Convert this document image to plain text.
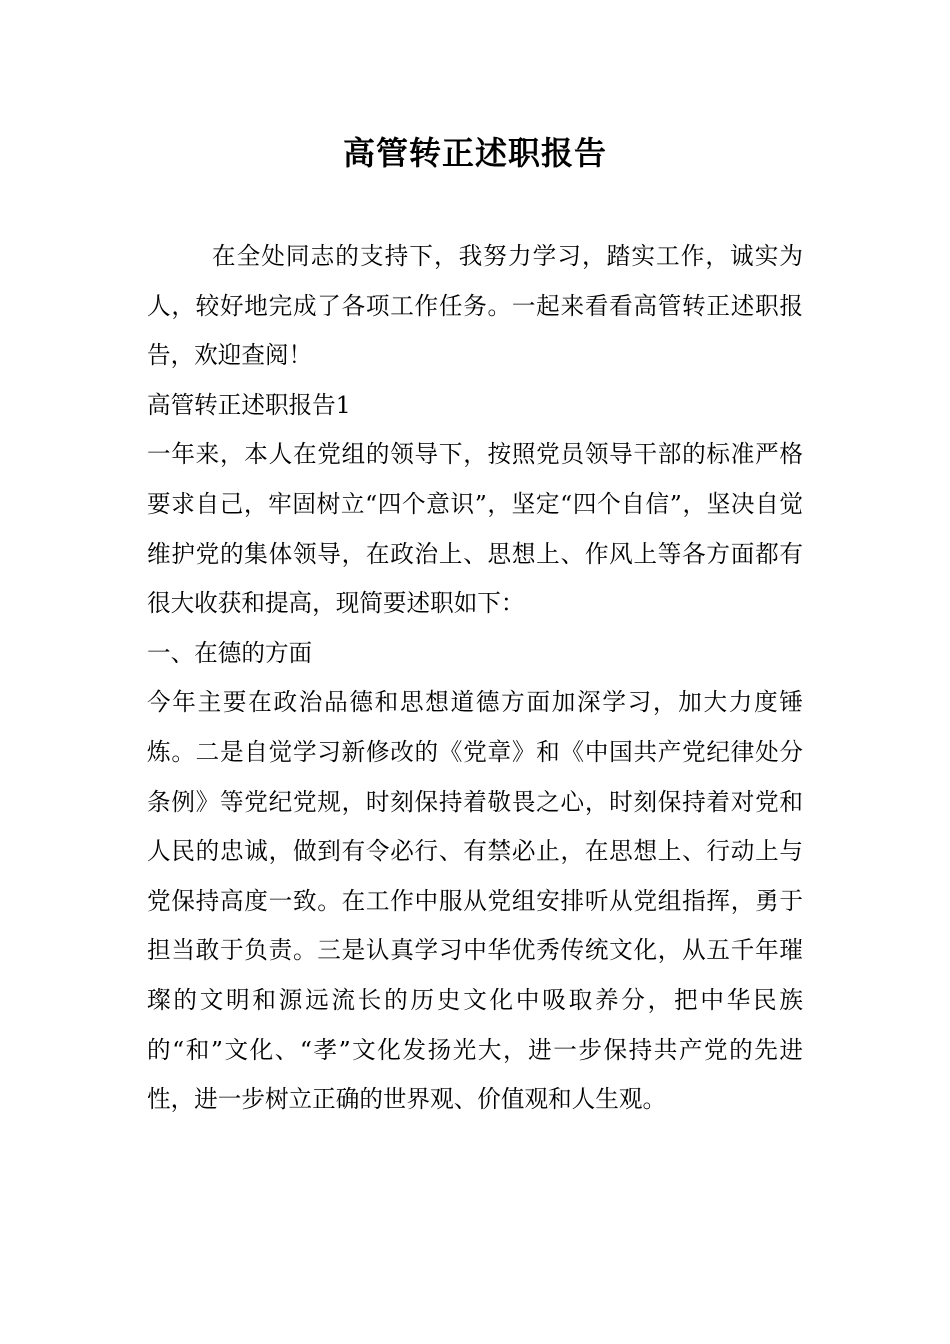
高管转正述职报告

在全处同志的支持下，我努力学习，踏实工作，诚实为人，较好地完成了各项工作任务。一起来看看高管转正述职报告，欢迎查阅！

高管转正述职报告1

一年来，本人在党组的领导下，按照党员领导干部的标准严格要求自己，牢固树立“四个意识”，坚定“四个自信”，坚决自觉维护党的集体领导，在政治上、思想上、作风上等各方面都有很大收获和提高，现简要述职如下：

一、在德的方面

今年主要在政治品德和思想道德方面加深学习，加大力度锤炼。二是自觉学习新修改的《党章》和《中国共产党纪律处分条例》等党纪党规，时刻保持着敬畏之心，时刻保持着对党和人民的忠诚，做到有令必行、有禁必止，在思想上、行动上与党保持高度一致。在工作中服从党组安排听从党组指挥，勇于担当敢于负责。三是认真学习中华优秀传统文化，从五千年璀璨的文明和源远流长的历史文化中吸取养分，把中华民族的“和”文化、“孝”文化发扬光大，进一步保持共产党的先进性，进一步树立正确的世界观、价值观和人生观。
